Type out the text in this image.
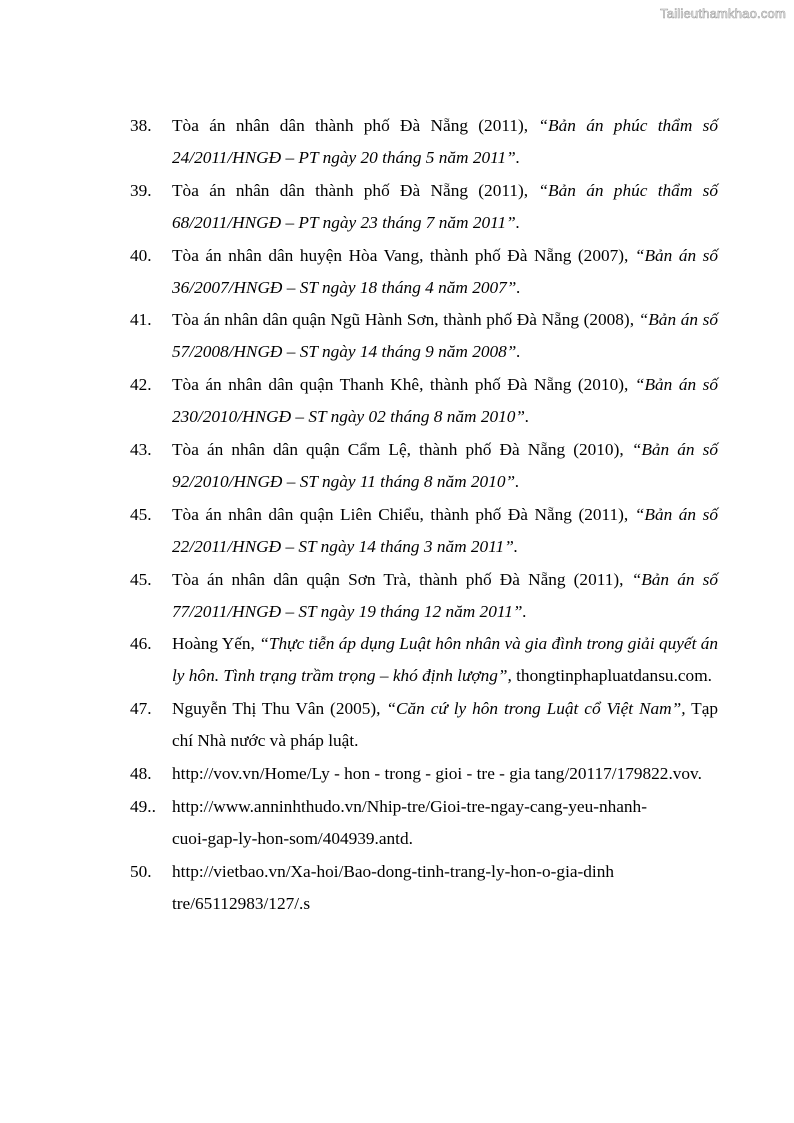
Tailieuthamkhao.com
38. Tòa án nhân dân thành phố Đà Nẵng (2011), “Bản án phúc thẩm số 24/2011/HNGĐ – PT ngày 20 tháng 5 năm 2011”.
39. Tòa án nhân dân thành phố Đà Nẵng (2011), “Bản án phúc thẩm số 68/2011/HNGĐ – PT ngày 23 tháng 7 năm 2011”.
40. Tòa án nhân dân huyện Hòa Vang, thành phố Đà Nẵng (2007), “Bản án số 36/2007/HNGĐ – ST ngày 18 tháng 4 năm 2007”.
41. Tòa án nhân dân quận Ngũ Hành Sơn, thành phố Đà Nẵng (2008), “Bản án số 57/2008/HNGĐ – ST ngày 14 tháng 9 năm 2008”.
42. Tòa án nhân dân quận Thanh Khê, thành phố Đà Nẵng (2010), “Bản án số 230/2010/HNGĐ – ST ngày 02 tháng 8 năm 2010”.
43. Tòa án nhân dân quận Cẩm Lệ, thành phố Đà Nẵng (2010), “Bản án số 92/2010/HNGĐ – ST ngày 11 tháng 8 năm 2010”.
45. Tòa án nhân dân quận Liên Chiểu, thành phố Đà Nẵng (2011), “Bản án số 22/2011/HNGĐ – ST ngày 14 tháng 3 năm 2011”.
45. Tòa án nhân dân quận Sơn Trà, thành phố Đà Nẵng (2011), “Bản án số 77/2011/HNGĐ – ST ngày 19 tháng 12 năm 2011”.
46. Hoàng Yến, “Thực tiễn áp dụng Luật hôn nhân và gia đình trong giải quyết án ly hôn. Tình trạng trầm trọng – khó định lượng”, thongtinphapluatdansu.com.
47. Nguyễn Thị Thu Vân (2005), “Căn cứ ly hôn trong Luật cổ Việt Nam”, Tạp chí Nhà nước và pháp luật.
48. http://vov.vn/Home/Ly - hon - trong - gioi - tre - gia tang/20117/179822.vov.
49.. http://www.anninhthudo.vn/Nhip-tre/Gioi-tre-ngay-cang-yeu-nhanh-
cuoi-gap-ly-hon-som/404939.antd.
50. http://vietbao.vn/Xa-hoi/Bao-dong-tinh-trang-ly-hon-o-gia-dinh
tre/65112983/127/.s
